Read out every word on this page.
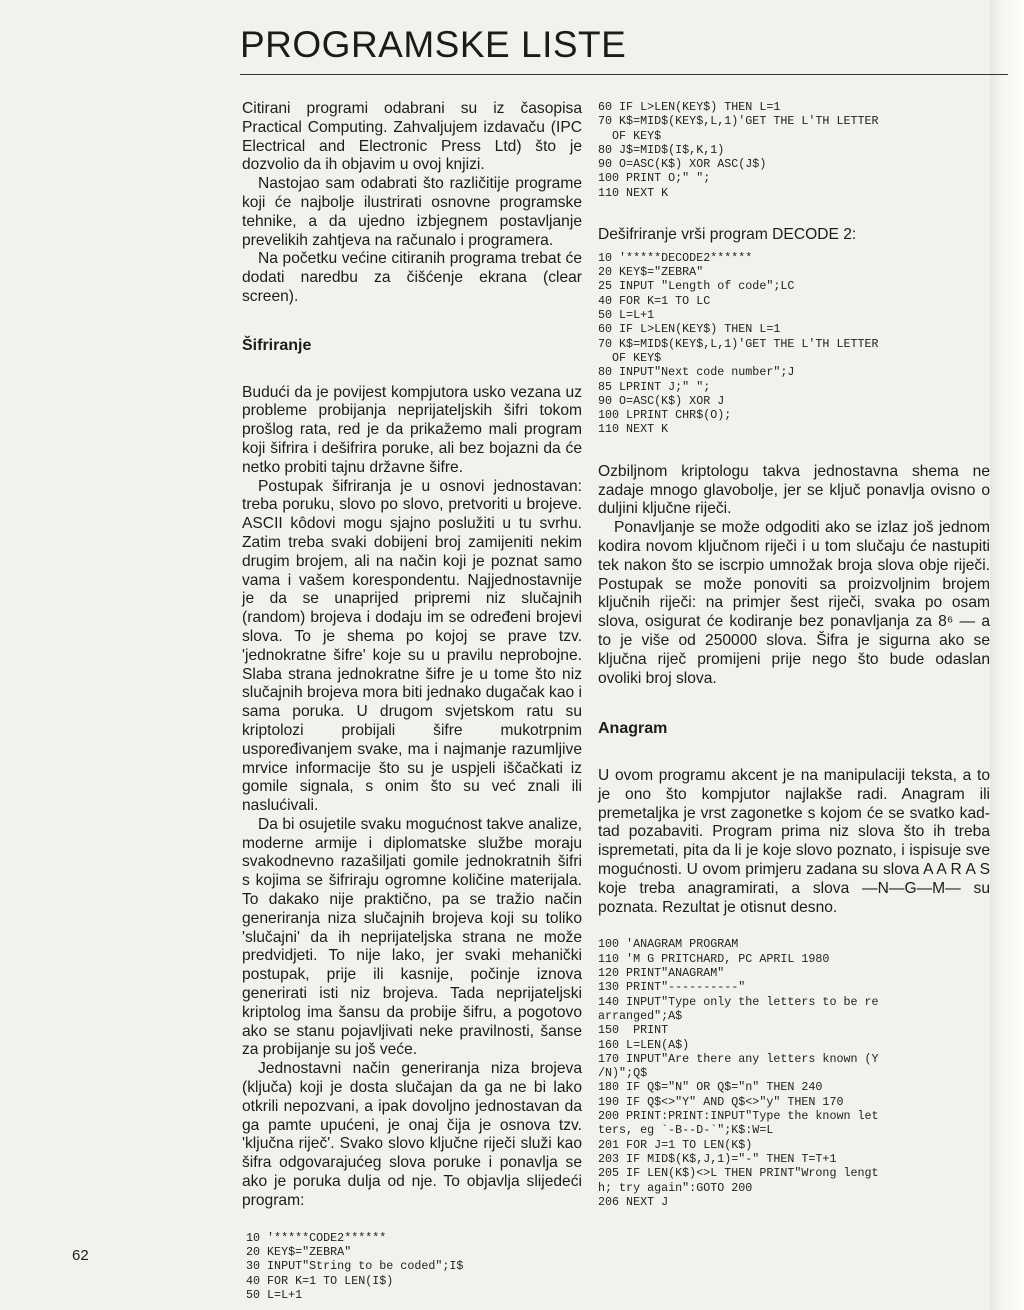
PROGRAMSKE LISTE

Citirani programi odabrani su iz časopisa Practical Computing. Zahvaljujem izdavaču (IPC Electrical and Electronic Press Ltd) što je dozvolio da ih objavim u ovoj knjizi.

Nastojao sam odabrati što različitije programe koji će najbolje ilustrirati osnovne programske tehnike, a da ujedno izbjegnem postavljanje prevelikih zahtjeva na računalo i programera.

Na početku većine citiranih programa trebat će dodati naredbu za čišćenje ekrana (clear screen).

Šifriranje

Budući da je povijest kompjutora usko vezana uz probleme probijanja neprijateljskih šifri tokom prošlog rata, red je da prikažemo mali program koji šifrira i dešifrira poruke, ali bez bojazni da će netko probiti tajnu državne šifre.

Postupak šifriranja je u osnovi jednostavan: treba poruku, slovo po slovo, pretvoriti u brojeve. ASCII kôdovi mogu sjajno poslužiti u tu svrhu. Zatim treba svaki dobijeni broj zamijeniti nekim drugim brojem, ali na način koji je poznat samo vama i vašem korespondentu. Najjednostavnije je da se unaprijed pripremi niz slučajnih (random) brojeva i dodaju im se određeni brojevi slova. To je shema po kojoj se prave tzv. 'jednokratne šifre' koje su u pravilu neprobojne. Slaba strana jednokratne šifre je u tome što niz slučajnih brojeva mora biti jednako dugačak kao i sama poruka. U drugom svjetskom ratu su kriptolozi probijali šifre mukotrpnim uspoređivanjem svake, ma i najmanje razumljive mrvice informacije što su je uspjeli iščačkati iz gomile signala, s onim što su već znali ili naslućivali.

Da bi osujetile svaku mogućnost takve analize, moderne armije i diplomatske službe moraju svakodnevno razašiljati gomile jednokratnih šifri s kojima se šifriraju ogromne količine materijala. To dakako nije praktično, pa se tražio način generiranja niza slučajnih brojeva koji su toliko 'slučajni' da ih neprijateljska strana ne može predvidjeti. To nije lako, jer svaki mehanički postupak, prije ili kasnije, počinje iznova generirati isti niz brojeva. Tada neprijateljski kriptolog ima šansu da probije šifru, a pogotovo ako se stanu pojavljivati neke pravilnosti, šanse za probijanje su još veće.

Jednostavni način generiranja niza brojeva (ključa) koji je dosta slučajan da ga ne bi lako otkrili nepozvani, a ipak dovoljno jednostavan da ga pamte upućeni, je onaj čija je osnova tzv. 'ključna riječ'. Svako slovo ključne riječi služi kao šifra odgovarajućeg slova poruke i ponavlja se ako je poruka dulja od nje. To objavlja slijedeći program:

10 '*****CODE2******
20 KEY$="ZEBRA"
30 INPUT"String to be coded";I$
40 FOR K=1 TO LEN(I$)
50 L=L+1
60 IF L>LEN(KEY$) THEN L=1
70 K$=MID$(KEY$,L,1)'GET THE L'TH LETTER
OF KEY$
80 J$=MID$(I$,K,1)
90 O=ASC(K$) XOR ASC(J$)
100 PRINT O;" ";
110 NEXT K

Dešifriranje vrši program DECODE 2:

10 '*****DECODE2******
20 KEY$="ZEBRA"
25 INPUT "Length of code";LC
40 FOR K=1 TO LC
50 L=L+1
60 IF L>LEN(KEY$) THEN L=1
70 K$=MID$(KEY$,L,1)'GET THE L'TH LETTER
OF KEY$
80 INPUT"Next code number";J
85 LPRINT J;" ";
90 O=ASC(K$) XOR J
100 LPRINT CHR$(O);
110 NEXT K

Ozbiljnom kriptologu takva jednostavna shema ne zadaje mnogo glavobolje, jer se ključ ponavlja ovisno o duljini ključne riječi.

Ponavljanje se može odgoditi ako se izlaz još jednom kodira novom ključnom riječi i u tom slučaju će nastupiti tek nakon što se iscrpio umnožak broja slova obje riječi. Postupak se može ponoviti sa proizvoljnim brojem ključnih riječi: na primjer šest riječi, svaka po osam slova, osigurat će kodiranje bez ponavljanja za 8⁶ — a to je više od 250000 slova. Šifra je sigurna ako se ključna riječ promijeni prije nego što bude odaslan ovoliki broj slova.

Anagram

U ovom programu akcent je na manipulaciji teksta, a to je ono što kompjutor najlakše radi. Anagram ili premetaljka je vrst zagonetke s kojom će se svatko kad-tad pozabaviti. Program prima niz slova što ih treba ispremetati, pita da li je koje slovo poznato, i ispisuje sve mogućnosti. U ovom primjeru zadana su slova A A R A S koje treba anagramirati, a slova —N—G—M— su poznata. Rezultat je otisnut desno.

100 'ANAGRAM PROGRAM
110 'M G PRITCHARD, PC APRIL 1980
120 PRINT"ANAGRAM"
130 PRINT"----------"
140 INPUT"Type only the letters to be re
arranged";A$
150  PRINT
160 L=LEN(A$)
170 INPUT"Are there any letters known (Y
/N)";Q$
180 IF Q$="N" OR Q$="n" THEN 240
190 IF Q$<>"Y" AND Q$<>"y" THEN 170
200 PRINT:PRINT:INPUT"Type the known let
ters, eg `-B--D-`";K$:W=L
201 FOR J=1 TO LEN(K$)
203 IF MID$(K$,J,1)="-" THEN T=T+1
205 IF LEN(K$)<>L THEN PRINT"Wrong lengt
h; try again":GOTO 200
206 NEXT J
62
